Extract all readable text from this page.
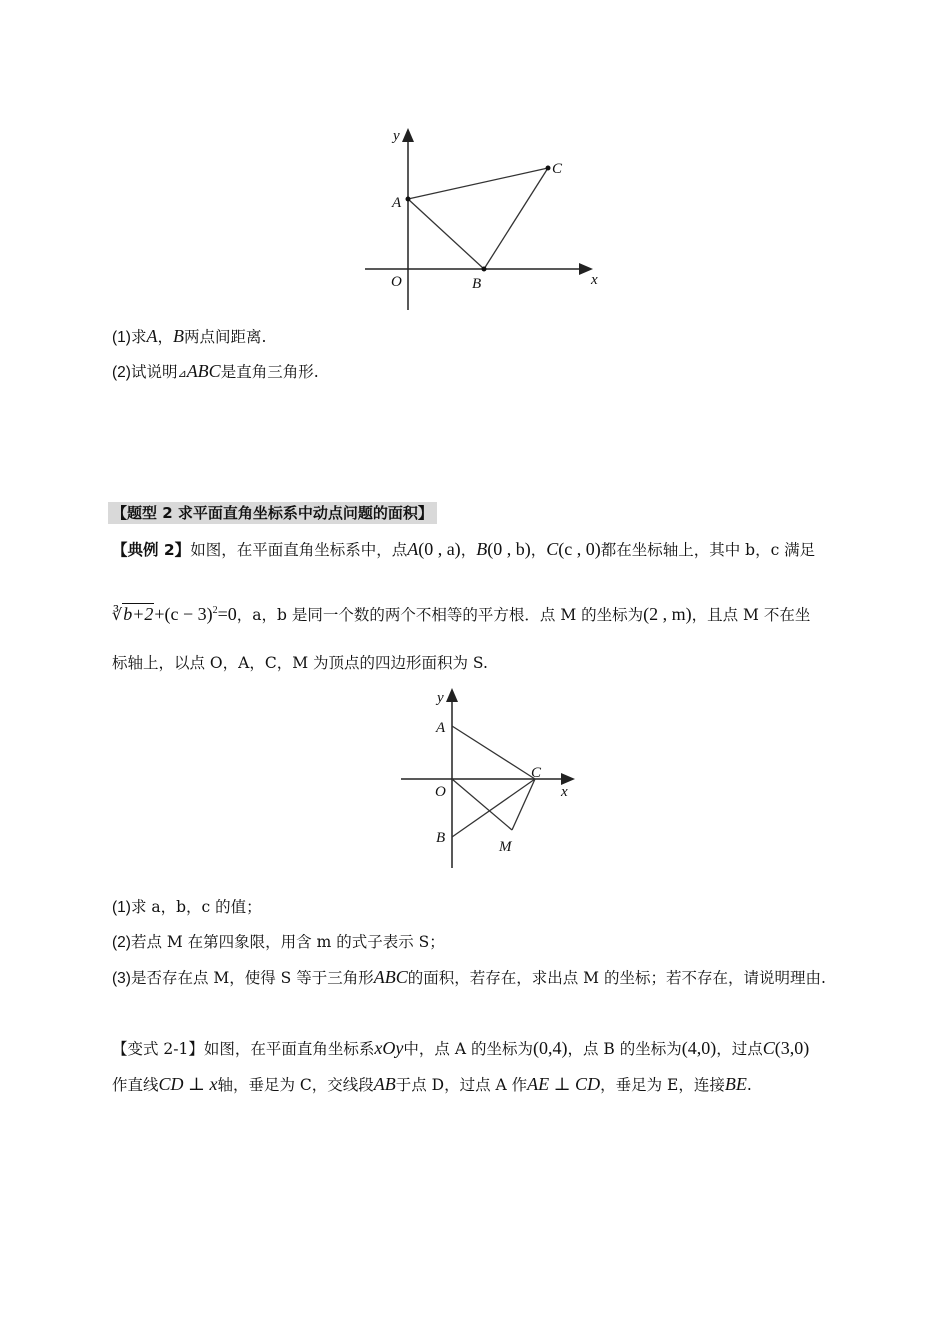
y
x
O
A
B
C
(1)求A，B两点间距离.
(2)试说明⊿ABC是直角三角形.
【题型 2 求平面直角坐标系中动点问题的面积】
【典例 2】如图，在平面直角坐标系中，点A(0 , a)，B(0 , b)，C(c , 0)都在坐标轴上，其中 b，c 满足
∛b+2+(c − 3)$^2$=0，a，b 是同一个数的两个不相等的平方根．点 M 的坐标为(2 , m)，且点 M 不在坐
标轴上，以点 O，A，C，M 为顶点的四边形面积为 S.
y
x
O
A
B
C
M
(1)求 a，b，c 的值；
(2)若点 M 在第四象限，用含 m 的式子表示 S；
(3)是否存在点 M，使得 S 等于三角形ABC的面积，若存在，求出点 M 的坐标；若不存在，请说明理由.
【变式 2-1】如图，在平面直角坐标系xOy中，点 A 的坐标为(0,4)，点 B 的坐标为(4,0)，过点C(3,0)
作直线CD ⊥ x轴，垂足为 C，交线段AB于点 D，过点 A 作AE ⊥ CD，垂足为 E，连接BE.
